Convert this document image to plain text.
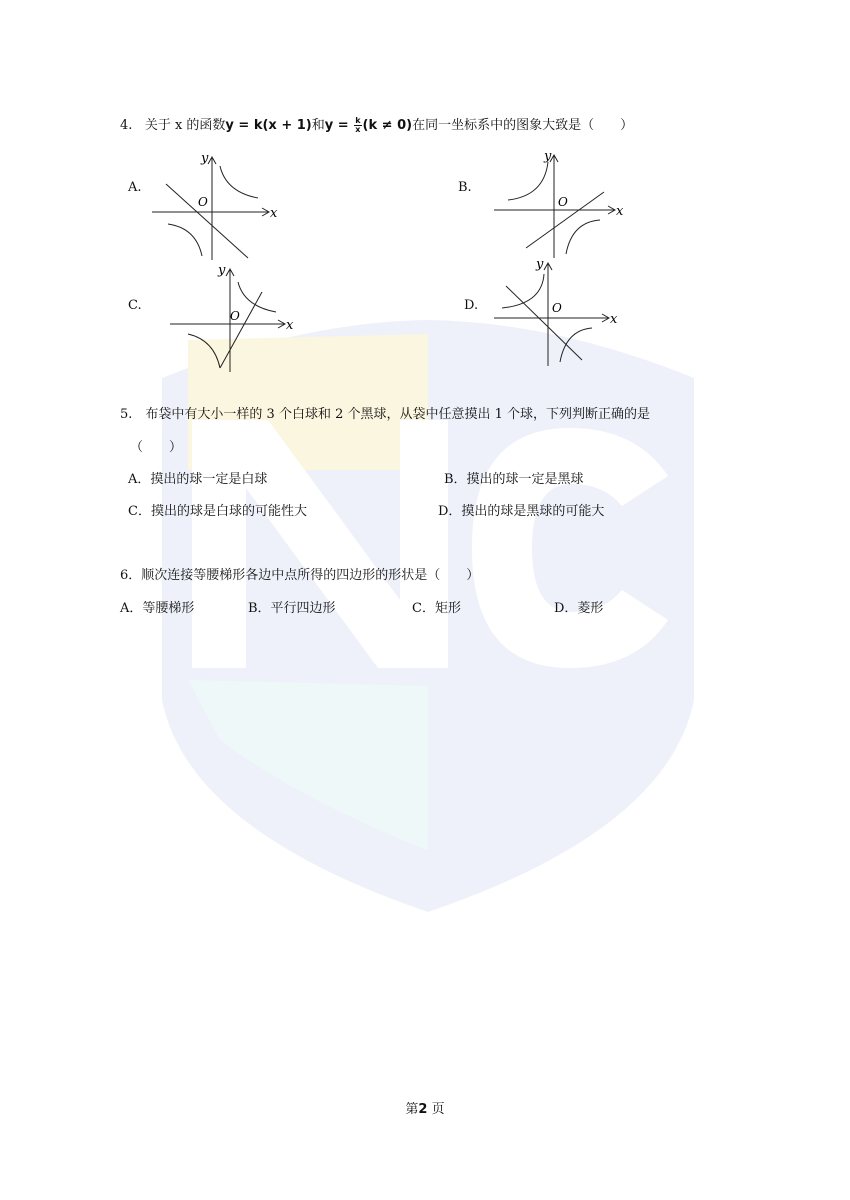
4. 关于 x 的函数y = k(x + 1)和$y = \frac{k}{x} (k \ne 0)$在同一坐标系中的图象大致是（　　）
A.	B.
C.	D.
y
x
O
y
x
O
y
x
O
y
x
O
5.　布袋中有大小一样的 3 个白球和 2 个黑球，从袋中任意摸出 1 个球，下列判断正确的是
（　　）
A．摸出的球一定是白球	B．摸出的球一定是黑球
C．摸出的球是白球的可能性大	D．摸出的球是黑球的可能大
6．顺次连接等腰梯形各边中点所得的四边形的形状是（　　）
A．等腰梯形	B．平行四边形	C．矩形	D．菱形
第2 页
